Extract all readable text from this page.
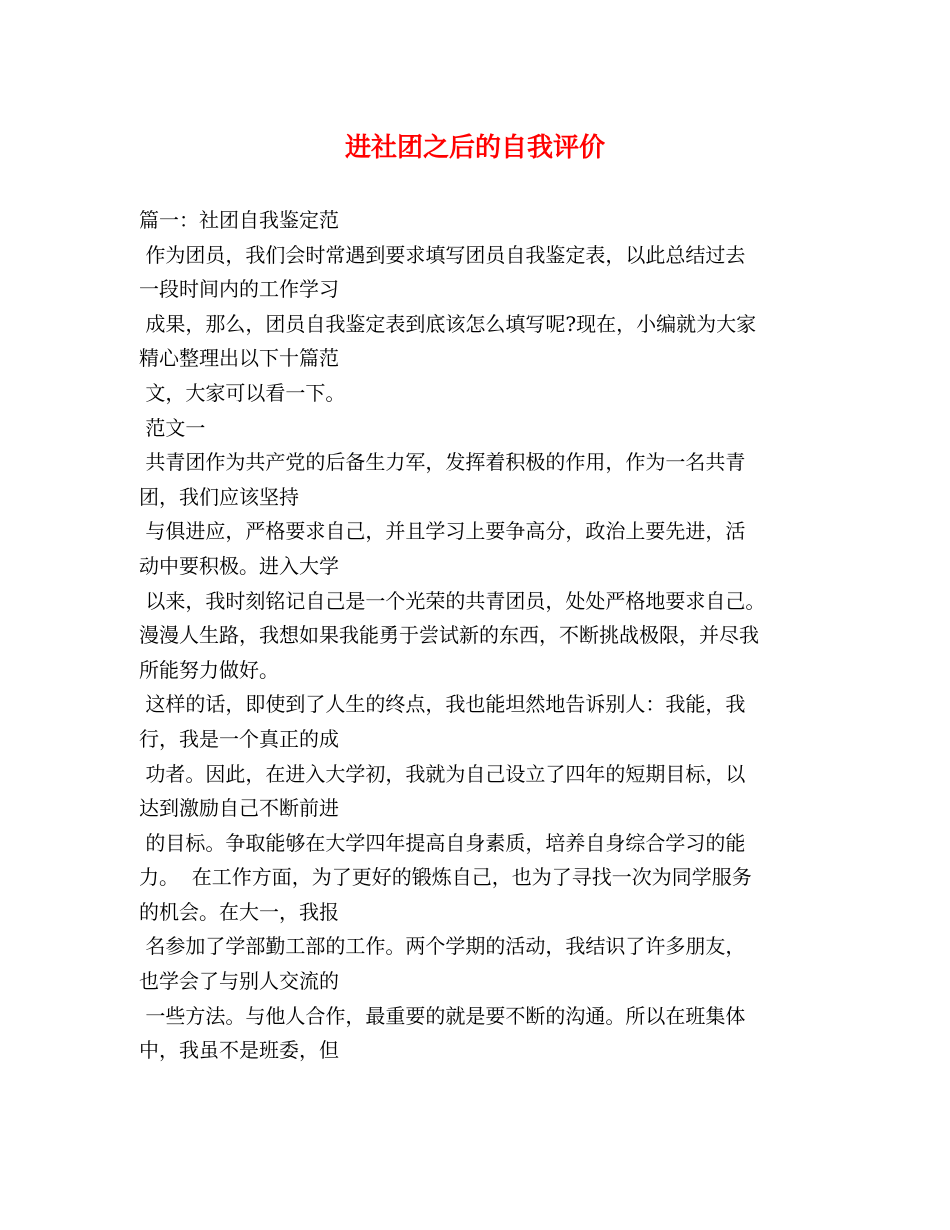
进社团之后的自我评价

篇一：社团自我鉴定范

作为团员，我们会时常遇到要求填写团员自我鉴定表，以此总结过去

一段时间内的工作学习

成果，那么，团员自我鉴定表到底该怎么填写呢?现在，小编就为大家

精心整理出以下十篇范

文，大家可以看一下。

范文一

共青团作为共产党的后备生力军，发挥着积极的作用，作为一名共青

团，我们应该坚持

与俱进应，严格要求自己，并且学习上要争高分，政治上要先进，活

动中要积极。进入大学

以来，我时刻铭记自己是一个光荣的共青团员，处处严格地要求自己。

漫漫人生路，我想如果我能勇于尝试新的东西，不断挑战极限，并尽我

所能努力做好。

这样的话，即使到了人生的终点，我也能坦然地告诉别人：我能，我

行，我是一个真正的成

功者。因此，在进入大学初，我就为自己设立了四年的短期目标，以

达到激励自己不断前进

的目标。争取能够在大学四年提高自身素质，培养自身综合学习的能

力。  在工作方面，为了更好的锻炼自己，也为了寻找一次为同学服务

的机会。在大一，我报

名参加了学部勤工部的工作。两个学期的活动，我结识了许多朋友，

也学会了与别人交流的

一些方法。与他人合作，最重要的就是要不断的沟通。所以在班集体

中，我虽不是班委，但
